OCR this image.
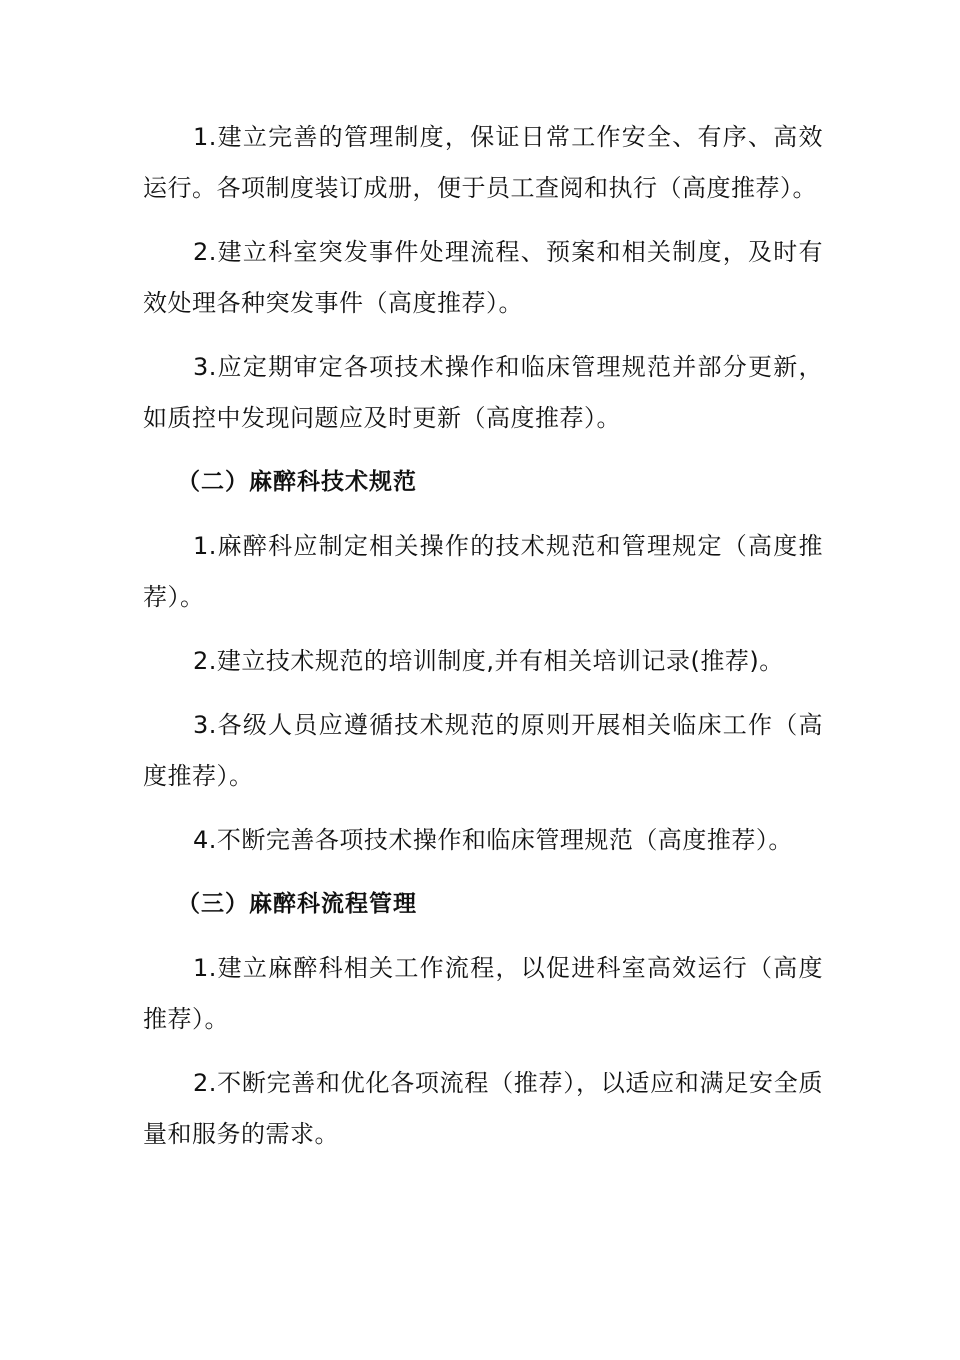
1.建立完善的管理制度，保证日常工作安全、有序、高效运行。各项制度装订成册，便于员工查阅和执行（高度推荐）。

2.建立科室突发事件处理流程、预案和相关制度，及时有效处理各种突发事件（高度推荐）。

3.应定期审定各项技术操作和临床管理规范并部分更新，如质控中发现问题应及时更新（高度推荐）。

（二）麻醉科技术规范

1.麻醉科应制定相关操作的技术规范和管理规定（高度推荐）。

2.建立技术规范的培训制度,并有相关培训记录(推荐)。

3.各级人员应遵循技术规范的原则开展相关临床工作（高度推荐）。

4.不断完善各项技术操作和临床管理规范（高度推荐）。

（三）麻醉科流程管理

1.建立麻醉科相关工作流程，以促进科室高效运行（高度推荐）。

2.不断完善和优化各项流程（推荐），以适应和满足安全质量和服务的需求。
